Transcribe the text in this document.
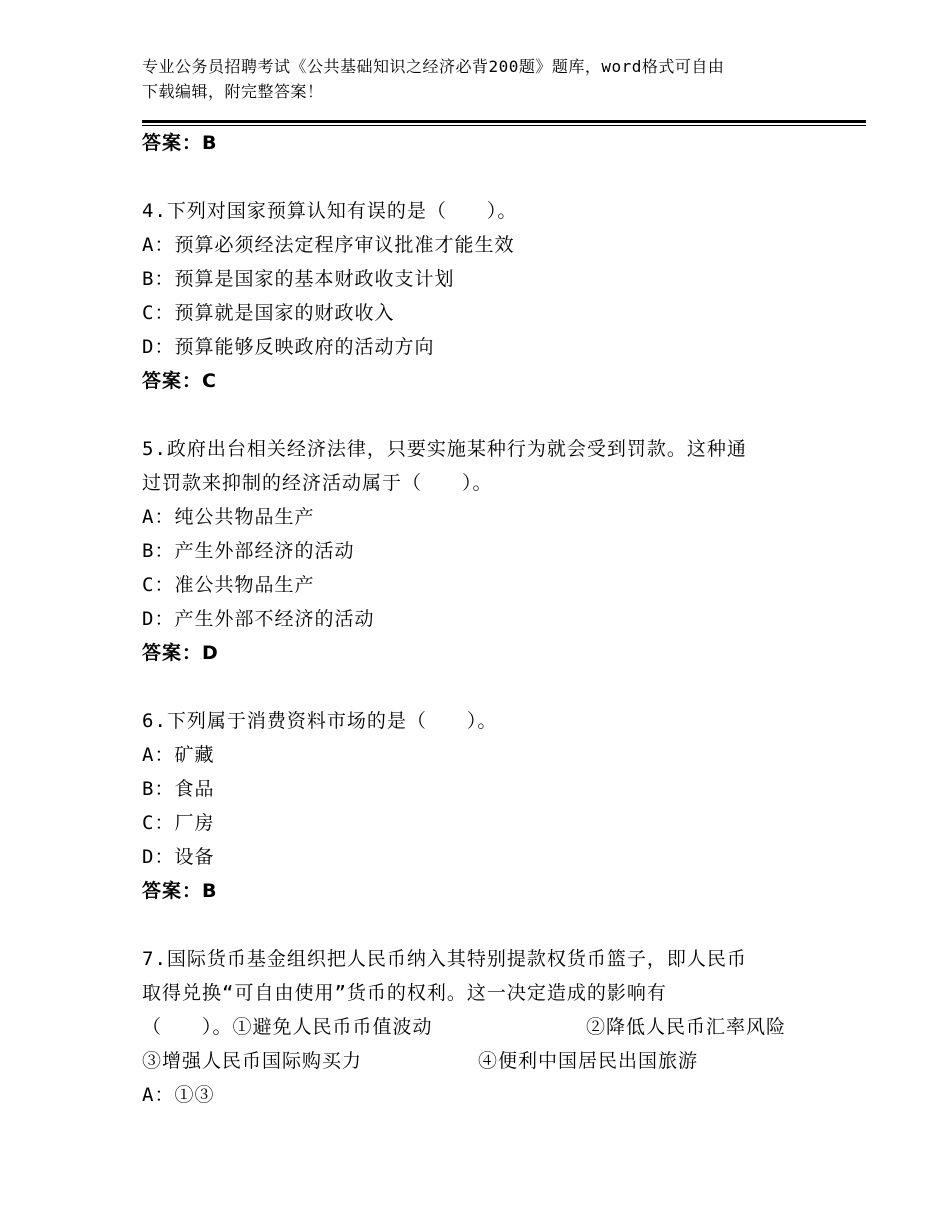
专业公务员招聘考试《公共基础知识之经济必背200题》题库，word格式可自由
下载编辑，附完整答案！
答案：B
4.下列对国家预算认知有误的是（　　）。
A：预算必须经法定程序审议批准才能生效
B：预算是国家的基本财政收支计划
C：预算就是国家的财政收入
D：预算能够反映政府的活动方向
答案：C
5.政府出台相关经济法律，只要实施某种行为就会受到罚款。这种通
过罚款来抑制的经济活动属于（　　）。
A：纯公共物品生产
B：产生外部经济的活动
C：准公共物品生产
D：产生外部不经济的活动
答案：D
6.下列属于消费资料市场的是（　　）。
A：矿藏
B：食品
C：厂房
D：设备
答案：B
7.国际货币基金组织把人民币纳入其特别提款权货币篮子，即人民币
取得兑换“可自由使用”货币的权利。这一决定造成的影响有
（　　）。①避免人民币币值波动	②降低人民币汇率风险
③增强人民币国际购买力	④便利中国居民出国旅游
A：①③
